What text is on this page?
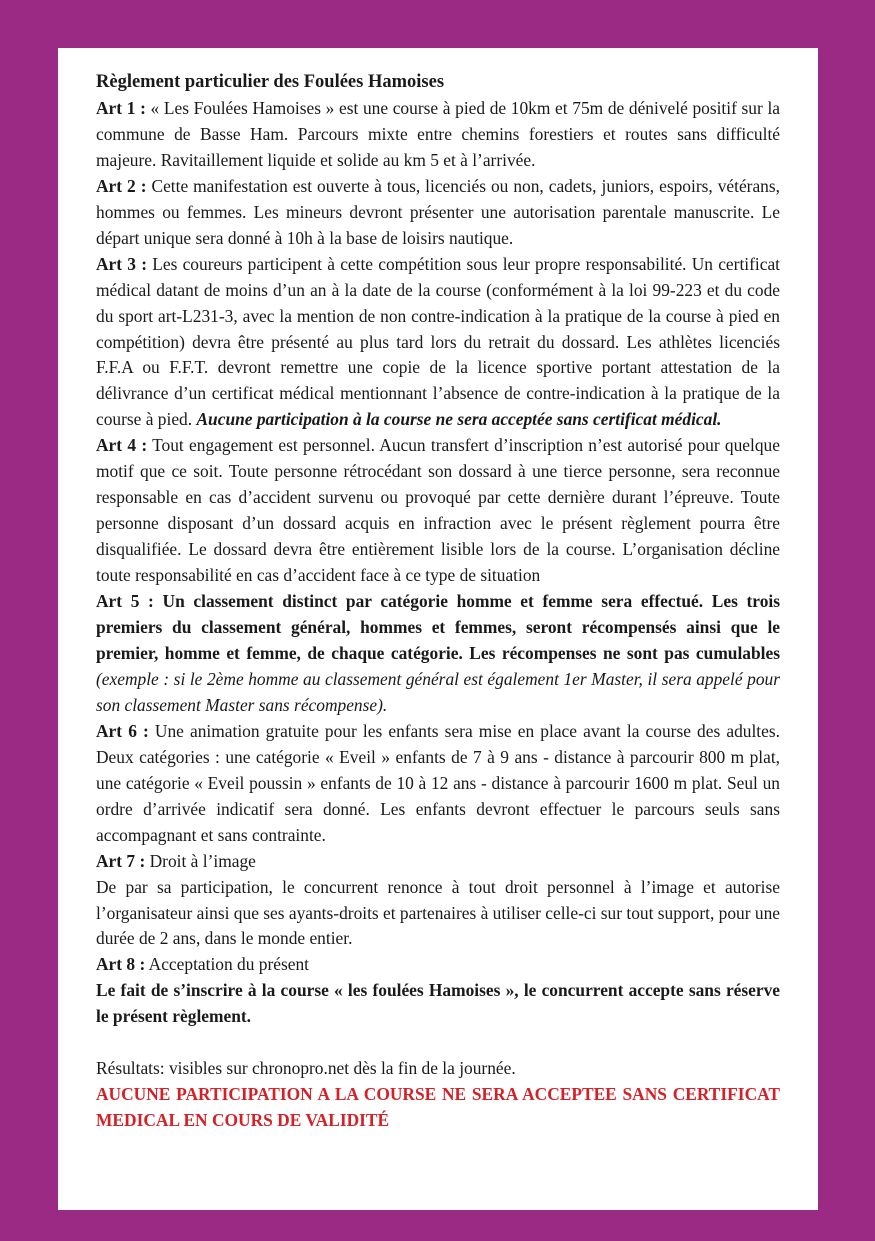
Règlement particulier des Foulées Hamoises

Art 1 : « Les Foulées Hamoises » est une course à pied de 10km et 75m de dénivelé positif sur la commune de Basse Ham. Parcours mixte entre chemins forestiers et routes sans difficulté majeure. Ravitaillement liquide et solide au km 5 et à l’arrivée.

Art 2 : Cette manifestation est ouverte à tous, licenciés ou non, cadets, juniors, espoirs, vétérans, hommes ou femmes. Les mineurs devront présenter une autorisation parentale manuscrite. Le départ unique sera donné à 10h à la base de loisirs nautique.

Art 3 : Les coureurs participent à cette compétition sous leur propre responsabilité. Un certificat médical datant de moins d’un an à la date de la course (conformément à la loi 99-223 et du code du sport art-L231-3, avec la mention de non contre-indication à la pratique de la course à pied en compétition) devra être présenté au plus tard lors du retrait du dossard. Les athlètes licenciés F.F.A ou F.F.T. devront remettre une copie de la licence sportive portant attestation de la délivrance d’un certificat médical mentionnant l’absence de contre-indication à la pratique de la course à pied. Aucune participation à la course ne sera acceptée sans certificat médical.

Art 4 : Tout engagement est personnel. Aucun transfert d’inscription n’est autorisé pour quelque motif que ce soit. Toute personne rétrocédant son dossard à une tierce personne, sera reconnue responsable en cas d’accident survenu ou provoqué par cette dernière durant l’épreuve. Toute personne disposant d’un dossard acquis en infraction avec le présent règlement pourra être disqualifiée. Le dossard devra être entièrement lisible lors de la course. L’organisation décline toute responsabilité en cas d’accident face à ce type de situation

Art 5 : Un classement distinct par catégorie homme et femme sera effectué. Les trois premiers du classement général, hommes et femmes, seront récompensés ainsi que le premier, homme et femme, de chaque catégorie. Les récompenses ne sont pas cumulables (exemple : si le 2ème homme au classement général est également 1er Master, il sera appelé pour son classement Master sans récompense).

Art 6 : Une animation gratuite pour les enfants sera mise en place avant la course des adultes. Deux catégories : une catégorie « Eveil » enfants de 7 à 9 ans - distance à parcourir 800 m plat, une catégorie « Eveil poussin » enfants de 10 à 12 ans - distance à parcourir 1600 m plat. Seul un ordre d’arrivée indicatif sera donné. Les enfants devront effectuer le parcours seuls sans accompagnant et sans contrainte.

Art 7 : Droit à l’image

De par sa participation, le concurrent renonce à tout droit personnel à l’image et autorise l’organisateur ainsi que ses ayants-droits et partenaires à utiliser celle-ci sur tout support, pour une durée de 2 ans, dans le monde entier.

Art 8 : Acceptation du présent

Le fait de s’inscrire à la course « les foulées Hamoises », le concurrent accepte sans réserve le présent règlement.

Résultats: visibles sur chronopro.net dès la fin de la journée.

AUCUNE PARTICIPATION A LA COURSE NE SERA ACCEPTEE SANS CERTIFICAT MEDICAL EN COURS DE VALIDITÉ
